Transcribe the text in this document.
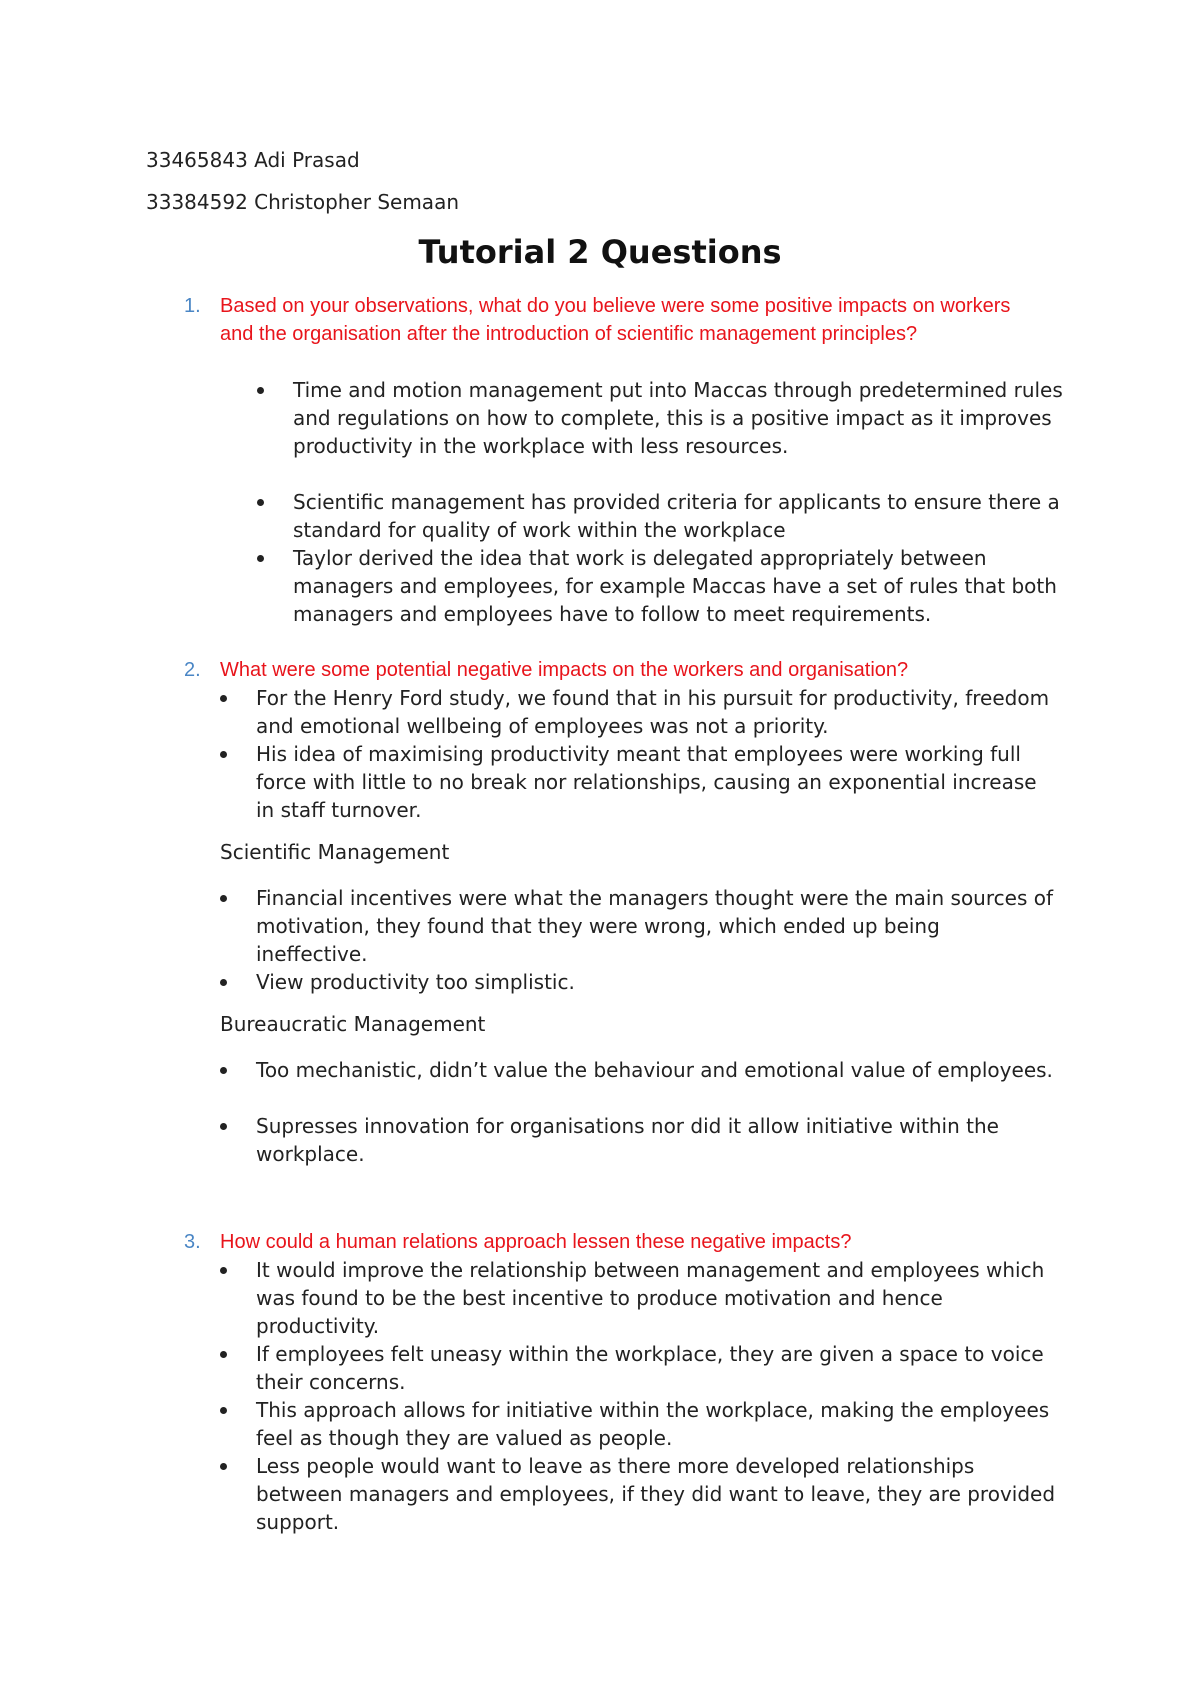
33465843 Adi Prasad
33384592 Christopher Semaan
Tutorial 2 Questions
1. Based on your observations, what do you believe were some positive impacts on workers and the organisation after the introduction of scientific management principles?
Time and motion management put into Maccas through predetermined rules and regulations on how to complete, this is a positive impact as it improves productivity in the workplace with less resources.
Scientific management has provided criteria for applicants to ensure there a standard for quality of work within the workplace
Taylor derived the idea that work is delegated appropriately between managers and employees, for example Maccas have a set of rules that both managers and employees have to follow to meet requirements.
2. What were some potential negative impacts on the workers and organisation?
For the Henry Ford study, we found that in his pursuit for productivity, freedom and emotional wellbeing of employees was not a priority.
His idea of maximising productivity meant that employees were working full force with little to no break nor relationships, causing an exponential increase in staff turnover.
Scientific Management
Financial incentives were what the managers thought were the main sources of motivation, they found that they were wrong, which ended up being ineffective.
View productivity too simplistic.
Bureaucratic Management
Too mechanistic, didn’t value the behaviour and emotional value of employees.
Supresses innovation for organisations nor did it allow initiative within the workplace.
3. How could a human relations approach lessen these negative impacts?
It would improve the relationship between management and employees which was found to be the best incentive to produce motivation and hence productivity.
If employees felt uneasy within the workplace, they are given a space to voice their concerns.
This approach allows for initiative within the workplace, making the employees feel as though they are valued as people.
Less people would want to leave as there more developed relationships between managers and employees, if they did want to leave, they are provided support.
